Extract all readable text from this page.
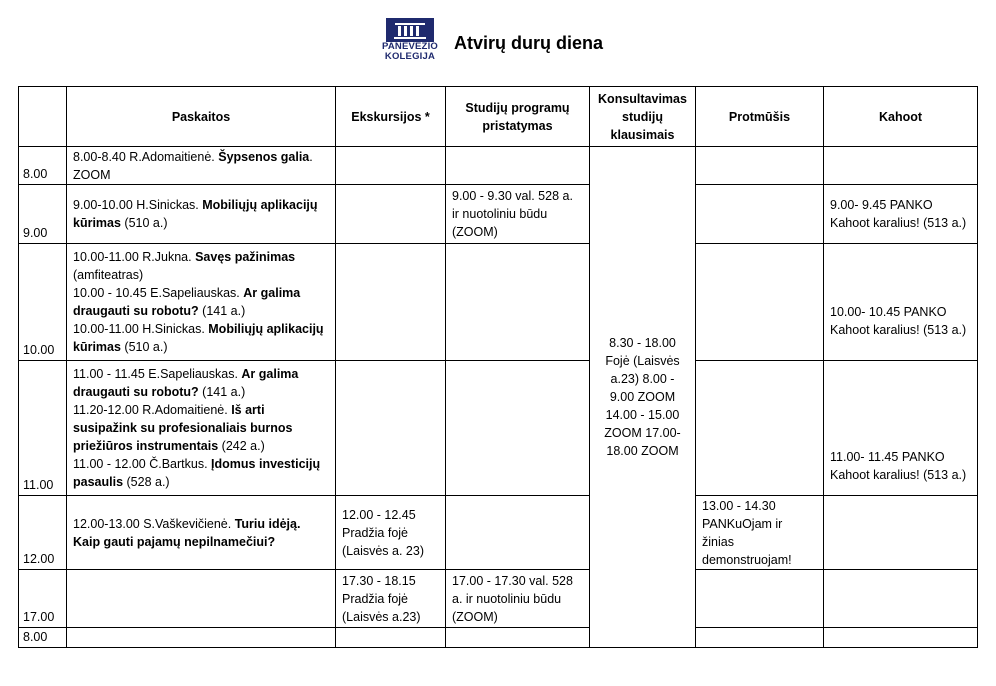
PANEVĖŽIO
KOLEGIJA
Atvirų durų diena
	Paskaitos	Ekskursijos *	Studijų programų pristatymas	Konsultavimas studijų klausimais	Protmūšis	Kahoot
8.00	8.00-8.40 R.Adomaitienė. Šypsenos galia. ZOOM			8.30 - 18.00 Fojė (Laisvės a.23) 8.00 - 9.00 ZOOM 14.00 - 15.00 ZOOM 17.00-18.00 ZOOM		
9.00	9.00-10.00 H.Sinickas. Mobiliųjų aplikacijų kūrimas (510 a.)		9.00 - 9.30 val. 528 a. ir nuotoliniu būdu (ZOOM)			9.00- 9.45 PANKO Kahoot karalius! (513 a.)
10.00	10.00-11.00 R.Jukna. Savęs pažinimas (amfiteatras)
10.00 - 10.45 E.Sapeliauskas. Ar galima draugauti su robotu? (141 a.)
10.00-11.00 H.Sinickas. Mobiliųjų aplikacijų kūrimas (510 a.)					10.00- 10.45 PANKO Kahoot karalius! (513 a.)
11.00	11.00 - 11.45 E.Sapeliauskas. Ar galima draugauti su robotu? (141 a.)
11.20-12.00 R.Adomaitienė. Iš arti susipažink su profesionaliais burnos priežiūros instrumentais (242 a.)
11.00 - 12.00 Č.Bartkus. Įdomus investicijų pasaulis (528 a.)					11.00- 11.45 PANKO Kahoot karalius! (513 a.)
12.00	12.00-13.00 S.Vaškevičienė. Turiu idėją. Kaip gauti pajamų nepilnamečiui?	12.00 - 12.45 Pradžia fojė (Laisvės a. 23)			13.00 - 14.30 PANKuOjam ir žinias demonstruojam!	
17.00		17.30 - 18.15 Pradžia fojė (Laisvės a.23)	17.00 - 17.30 val. 528 a. ir nuotoliniu būdu (ZOOM)			
8.00						
